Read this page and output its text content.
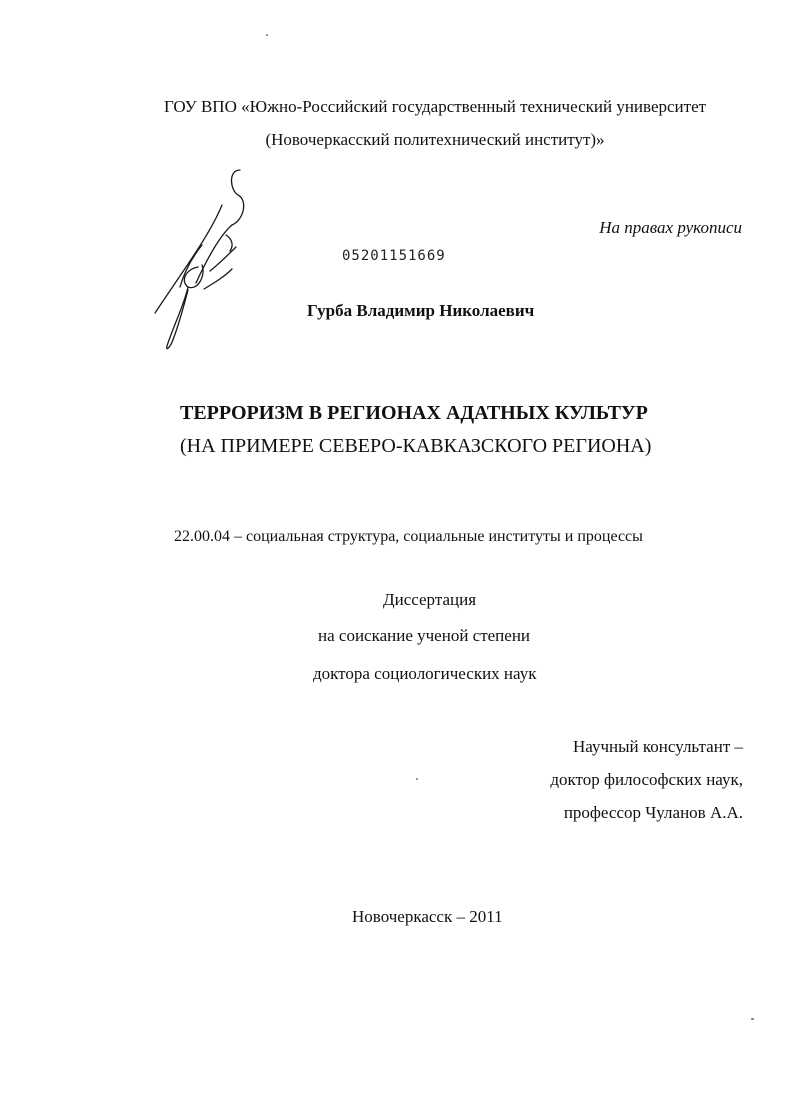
ГОУ ВПО «Южно-Российский государственный технический университет
(Новочеркасский политехнический институт)»
На правах рукописи
05201151669
Гурба Владимир Николаевич
ТЕРРОРИЗМ В РЕГИОНАХ АДАТНЫХ КУЛЬТУР
(НА ПРИМЕРЕ СЕВЕРО-КАВКАЗСКОГО РЕГИОНА)
22.00.04 – социальная структура, социальные институты и процессы
Диссертация
на соискание ученой степени
доктора социологических наук
Научный консультант –
доктор философских наук,
профессор Чуланов А.А.
Новочеркасск – 2011
